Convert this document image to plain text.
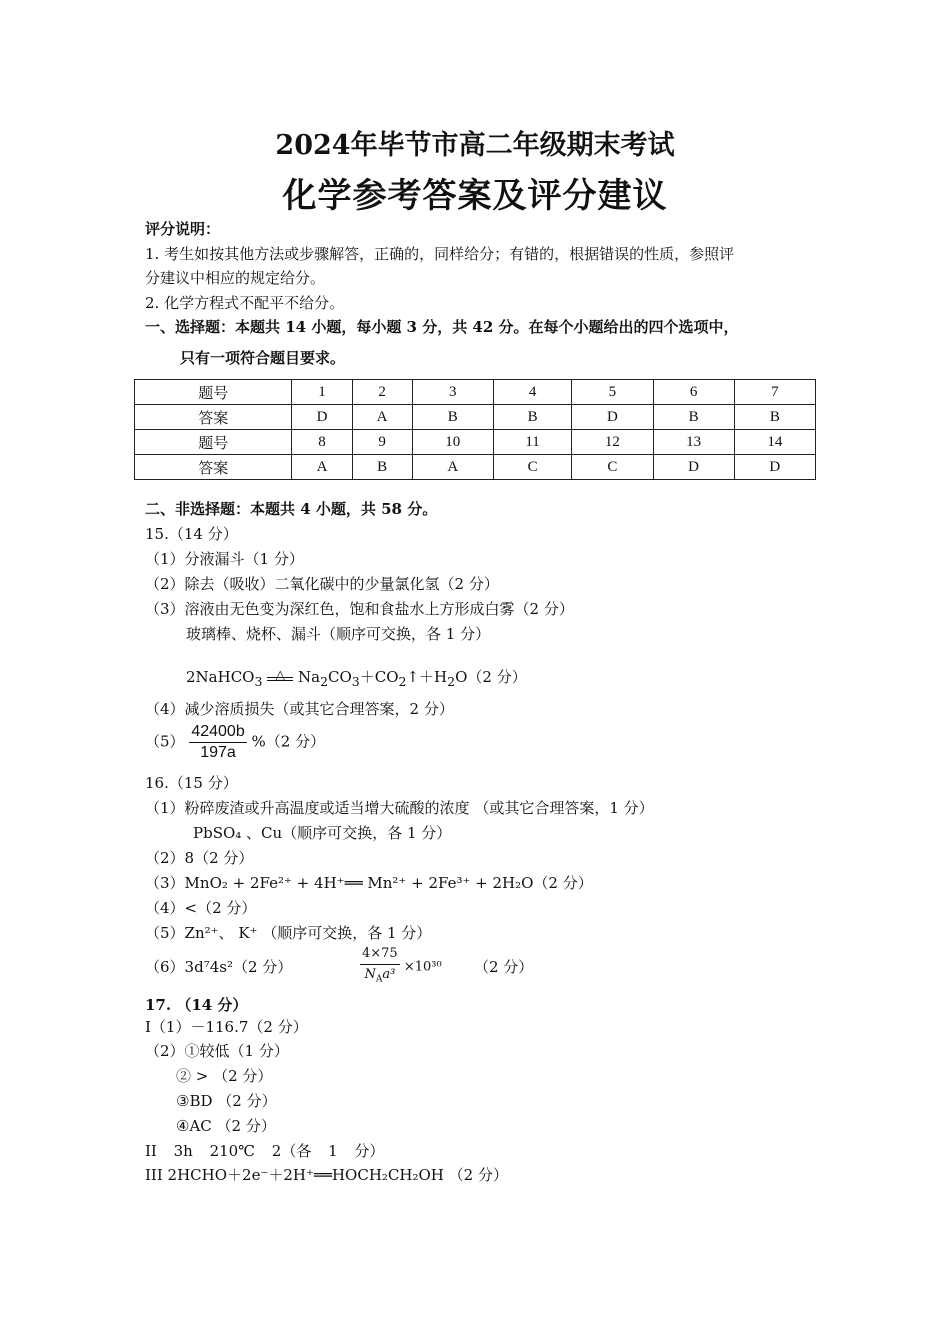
2024年毕节市高二年级期末考试
化学参考答案及评分建议
评分说明：
1. 考生如按其他方法或步骤解答，正确的，同样给分；有错的，根据错误的性质，参照评
分建议中相应的规定给分。
2. 化学方程式不配平不给分。
一、选择题：本题共 14 小题，每小题 3 分，共 42 分。在每个小题给出的四个选项中，
只有一项符合题目要求。
题号	1	2	3	4	5	6	7
答案	D	A	B	B	D	B	B
题号	8	9	10	11	12	13	14
答案	A	B	A	C	C	D	D
二、非选择题：本题共 4 小题，共 58 分。
15.（14 分）
（1）分液漏斗（1 分）
（2）除去（吸收）二氧化碳中的少量氯化氢（2 分）
（3）溶液由无色变为深红色，饱和食盐水上方形成白雾（2 分）
玻璃棒、烧杯、漏斗（顺序可交换，各 1 分）
2NaHCO$_3$ △ $Na_2CO_3+CO_2↑+H_2O(2$ 分）
（4）减少溶质损失（或其它合理答案，2 分）
$(5) \frac{42400b}{197a} \%(2$ 分）
16.（15 分）
（1）粉碎废渣或升高温度或适当增大硫酸的浓度 （或其它合理答案，1 分）
PbSO₄ 、Cu（顺序可交换，各 1 分）
（2）8（2 分）
（3）MnO₂ + 2Fe²⁺ + 4H⁺══ Mn²⁺ + 2Fe³⁺ + 2H₂O（2 分）
（4）<（2 分）
（5）Zn²⁺、 K⁺ （顺序可交换，各 1 分）
（6）3d⁷4s²（2 分）	$\frac{4\times 75}{N_Aa^3} \times 10^{30}$ （2 分）
17. （14 分）
I（1）－116.7（2 分）
（2）①较低（1 分）
② > （2 分）
③BD （2 分）
④AC （2 分）
II 3h 210℃ 2（各 1 分）
III 2HCHO＋2e⁻＋2H⁺══HOCH₂CH₂OH （2 分）
